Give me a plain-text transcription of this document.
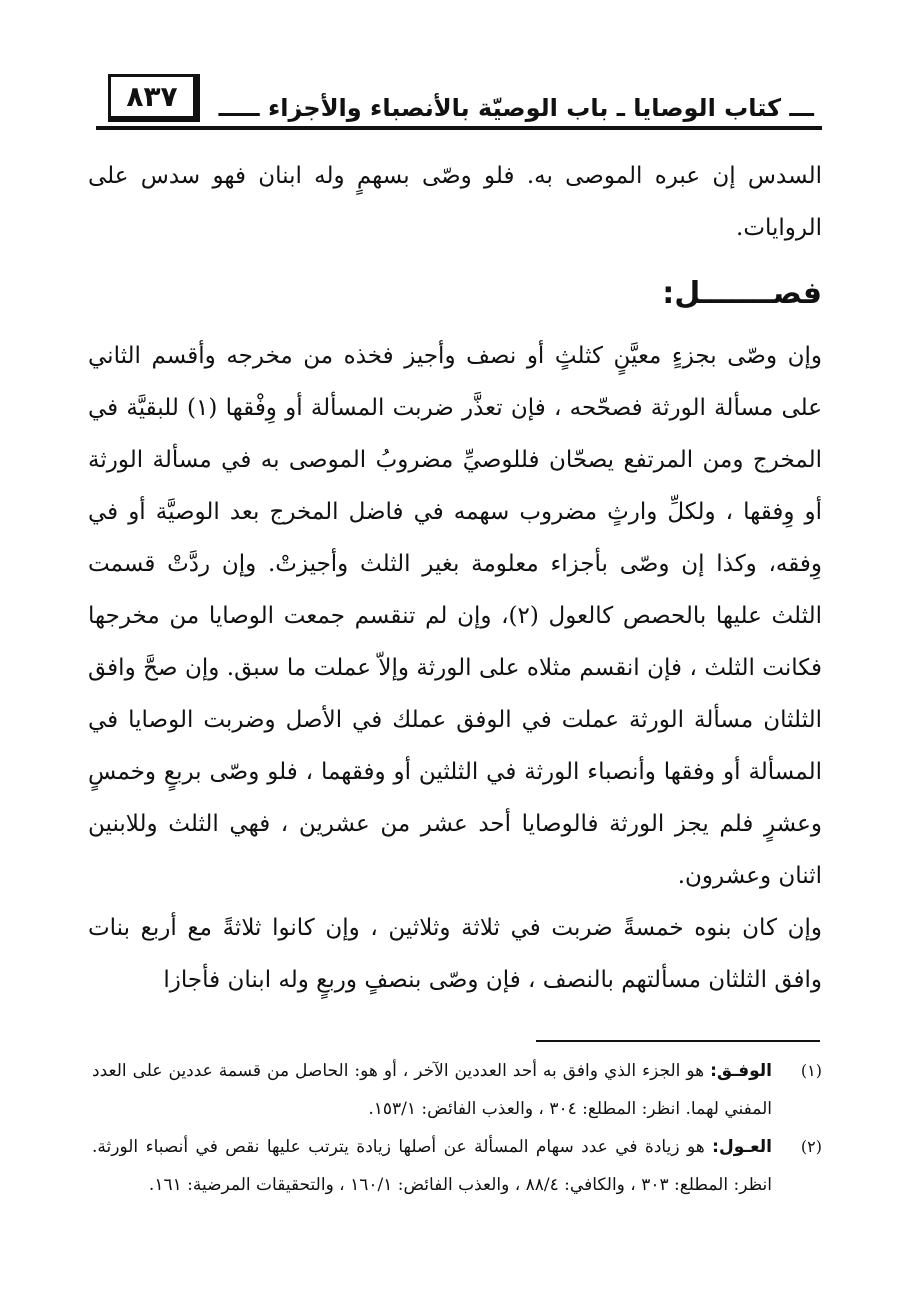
٨٣٧	ـــ كتاب الوصايا ـ باب الوصيّة بالأنصباء والأجزاء ـــــ

السدس إن عبره الموصى به. فلو وصّى بسهمٍ وله ابنان فهو سدس على الروايات.

فصـــــــل:

وإن وصّى بجزءٍ معيَّنٍ كثلثٍ أو نصف وأجيز فخذه من مخرجه وأقسم الثاني على مسألة الورثة فصحّحه ، فإن تعذَّر ضربت المسألة أو وِفْقها (١) للبقيَّة في المخرج ومن المرتفع يصحّان فللوصيِّ مضروبُ الموصى به في مسألة الورثة أو وِفقها ، ولكلِّ وارثٍ مضروب سهمه في فاضل المخرج بعد الوصيَّة أو في وِفقه، وكذا إن وصّى بأجزاء معلومة بغير الثلث وأجيزتْ. وإن ردَّتْ قسمت الثلث عليها بالحصص كالعول (٢)، وإن لم تنقسم جمعت الوصايا من مخرجها فكانت الثلث ، فإن انقسم مثلاه على الورثة وإلاّ عملت ما سبق. وإن صحَّ وافق الثلثان مسألة الورثة عملت في الوفق عملك في الأصل وضربت الوصايا في المسألة أو وفقها وأنصباء الورثة في الثلثين أو وفقهما ، فلو وصّى بربعٍ وخمسٍ وعشرٍ فلم يجز الورثة فالوصايا أحد عشر من عشرين ، فهي الثلث وللابنين اثنان وعشرون.

وإن كان بنوه خمسةً ضربت في ثلاثة وثلاثين ، وإن كانوا ثلاثةً مع أربع بنات وافق الثلثان مسألتهم بالنصف ، فإن وصّى بنصفٍ وربعٍ وله ابنان فأجازا

(١)
الوفـق: هو الجزء الذي وافق به أحد العددين الآخر ، أو هو: الحاصل من قسمة عددين على العدد المفني لهما. انظر: المطلع: ٣٠٤ ، والعذب الفائض: ١٥٣/١.

(٢)
العـول: هو زيادة في عدد سهام المسألة عن أصلها زيادة يترتب عليها نقص في أنصباء الورثة. انظر: المطلع: ٣٠٣ ، والكافي: ٨٨/٤ ، والعذب الفائض: ١٦٠/١ ، والتحقيقات المرضية: ١٦١.
